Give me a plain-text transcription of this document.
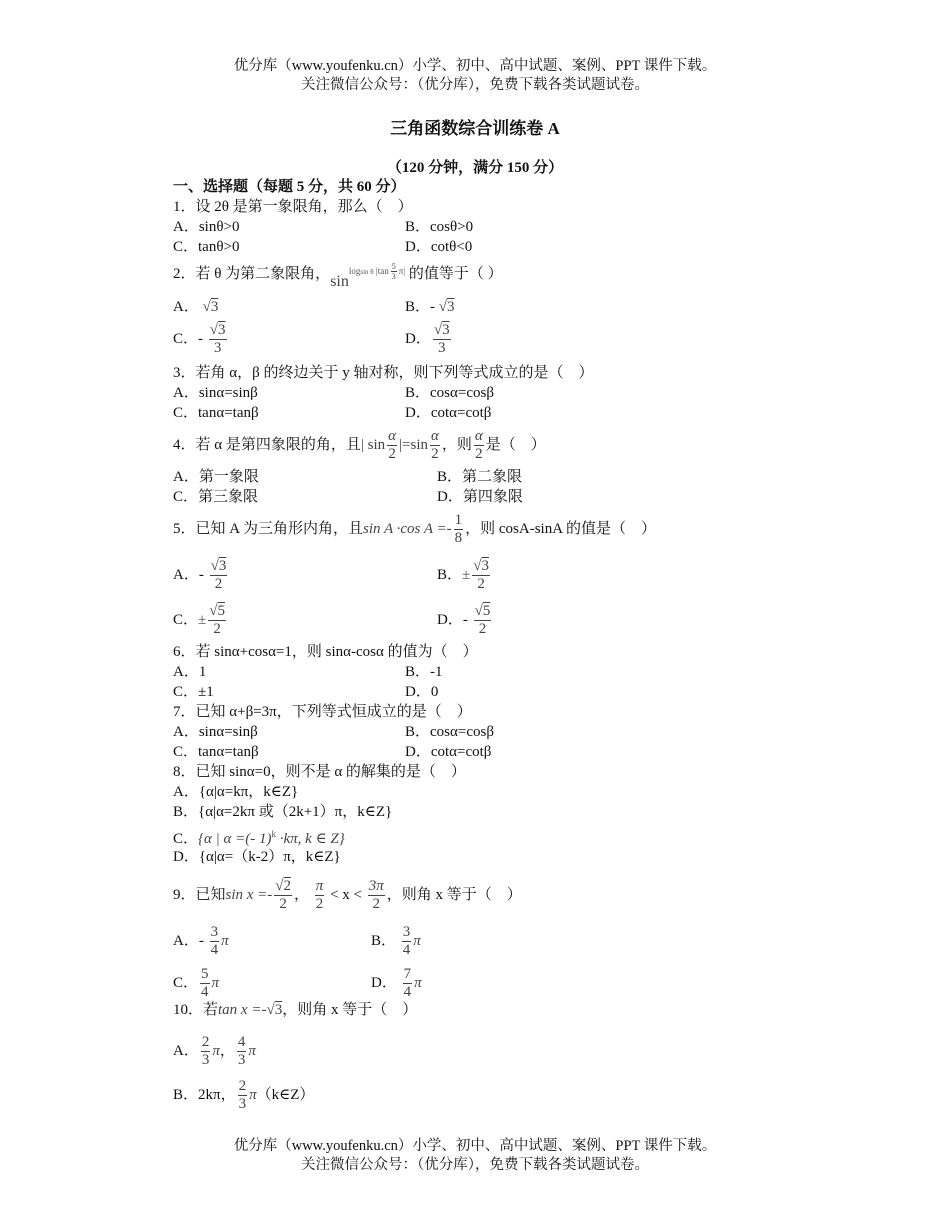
优分库（www.youfenku.cn）小学、初中、高中试题、案例、PPT 课件下载。
关注微信公众号：（优分库），免费下载各类试题试卷。
三角函数综合训练卷 A
（120 分钟，满分 150 分）
一、选择题（每题 5 分，共 60 分）
1．设 2θ 是第一象限角，那么（　）
A．sinθ>0	B．cosθ>0
C．tanθ>0	D．cotθ<0
2．若 θ 为第二象限角，$\sin^{logsin \theta |tan \frac{5}{3} \pi|}$ 的值等于（ ）
A． √3	B．- √3
C．- $\frac{√3}{3}$	D． $\frac{√3}{3}$
3．若角 α，β 的终边关于 y 轴对称，则下列等式成立的是（　）
A．sinα=sinβ	B．cosα=cosβ
C．tanα=tanβ	D．cotα=cotβ
4．若 α 是第四象限的角，且| $\sin \frac{\alpha}{2} |=\sin \frac{\alpha}{2}$ ，则 $\frac{\alpha}{2}$ 是（　）
A．第一象限	B．第二象限
C．第三象限	D．第四象限
5．已知 A 为三角形内角，且sin A ·cos $A =- \frac{1}{8}$ ，则 cosA-sinA 的值是（　）
A．- $\frac{√3}{2}$	B．± $\frac{√3}{2}$
C．± $\frac{√5}{2}$	D．- $\frac{√5}{2}$
6．若 sinα+cosα=1，则 sinα-cosα 的值为（　）
A．1	B．-1
C．±1	D．0
7．已知 α+β=3π，下列等式恒成立的是（　）
A．sinα=sinβ	B．cosα=cosβ
C．tanα=tanβ	D．cotα=cotβ
8．已知 sinα=0，则不是 α 的解集的是（　）
A．{α|α=kπ，k∈Z}
B．{α|α=2kπ 或（2k+1）π，k∈Z}
C．{α | α =(- 1)$^k$ ·kπ, k ∈ Z}
D．{α|α=（k-2）π，k∈Z}
9．已知$\sin x =- \frac{√2}{2}$ ， $\frac{\pi}{2} < x < \frac{3\pi}{2}$ ，则角 x 等于（　）
A．- $\frac{3}{4}$ π	B． $\frac{3}{4}$ π
C． $\frac{5}{4}$ π	D． $\frac{7}{4}$ π
10．若tan x =-√3，则角 x 等于（　）
A． $\frac{2}{3}$ π， $\frac{4}{3}$ π
B．2kπ， $\frac{2}{3}$ π（k∈Z）
优分库（www.youfenku.cn）小学、初中、高中试题、案例、PPT 课件下载。
关注微信公众号：（优分库），免费下载各类试题试卷。
